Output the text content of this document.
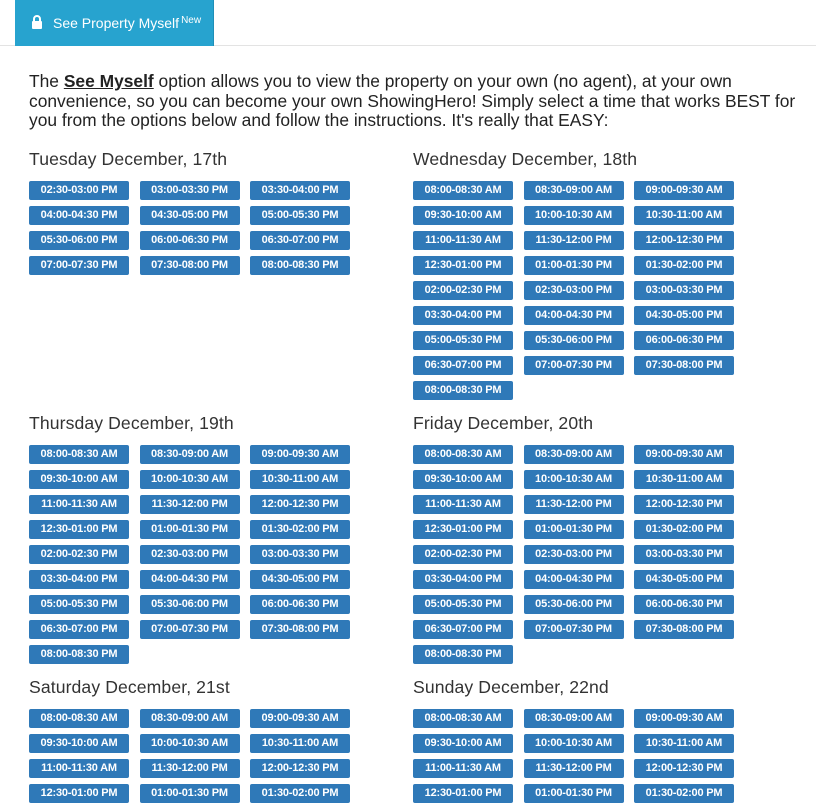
See Property Myself$^{New}$
The See Myself option allows you to view the property on your own (no agent), at your own convenience, so you can become your own ShowingHero! Simply select a time that works BEST for you from the options below and follow the instructions. It's really that EASY:
Tuesday December, 17th
02:30-03:00 PM	03:00-03:30 PM	03:30-04:00 PM
04:00-04:30 PM	04:30-05:00 PM	05:00-05:30 PM
05:30-06:00 PM	06:00-06:30 PM	06:30-07:00 PM
07:00-07:30 PM	07:30-08:00 PM	08:00-08:30 PM
Wednesday December, 18th
08:00-08:30 AM	08:30-09:00 AM	09:00-09:30 AM
09:30-10:00 AM	10:00-10:30 AM	10:30-11:00 AM
11:00-11:30 AM	11:30-12:00 PM	12:00-12:30 PM
12:30-01:00 PM	01:00-01:30 PM	01:30-02:00 PM
02:00-02:30 PM	02:30-03:00 PM	03:00-03:30 PM
03:30-04:00 PM	04:00-04:30 PM	04:30-05:00 PM
05:00-05:30 PM	05:30-06:00 PM	06:00-06:30 PM
06:30-07:00 PM	07:00-07:30 PM	07:30-08:00 PM
08:00-08:30 PM
Thursday December, 19th
08:00-08:30 AM	08:30-09:00 AM	09:00-09:30 AM
09:30-10:00 AM	10:00-10:30 AM	10:30-11:00 AM
11:00-11:30 AM	11:30-12:00 PM	12:00-12:30 PM
12:30-01:00 PM	01:00-01:30 PM	01:30-02:00 PM
02:00-02:30 PM	02:30-03:00 PM	03:00-03:30 PM
03:30-04:00 PM	04:00-04:30 PM	04:30-05:00 PM
05:00-05:30 PM	05:30-06:00 PM	06:00-06:30 PM
06:30-07:00 PM	07:00-07:30 PM	07:30-08:00 PM
08:00-08:30 PM
Friday December, 20th
08:00-08:30 AM	08:30-09:00 AM	09:00-09:30 AM
09:30-10:00 AM	10:00-10:30 AM	10:30-11:00 AM
11:00-11:30 AM	11:30-12:00 PM	12:00-12:30 PM
12:30-01:00 PM	01:00-01:30 PM	01:30-02:00 PM
02:00-02:30 PM	02:30-03:00 PM	03:00-03:30 PM
03:30-04:00 PM	04:00-04:30 PM	04:30-05:00 PM
05:00-05:30 PM	05:30-06:00 PM	06:00-06:30 PM
06:30-07:00 PM	07:00-07:30 PM	07:30-08:00 PM
08:00-08:30 PM
Saturday December, 21st
08:00-08:30 AM	08:30-09:00 AM	09:00-09:30 AM
09:30-10:00 AM	10:00-10:30 AM	10:30-11:00 AM
11:00-11:30 AM	11:30-12:00 PM	12:00-12:30 PM
12:30-01:00 PM	01:00-01:30 PM	01:30-02:00 PM
Sunday December, 22nd
08:00-08:30 AM	08:30-09:00 AM	09:00-09:30 AM
09:30-10:00 AM	10:00-10:30 AM	10:30-11:00 AM
11:00-11:30 AM	11:30-12:00 PM	12:00-12:30 PM
12:30-01:00 PM	01:00-01:30 PM	01:30-02:00 PM
